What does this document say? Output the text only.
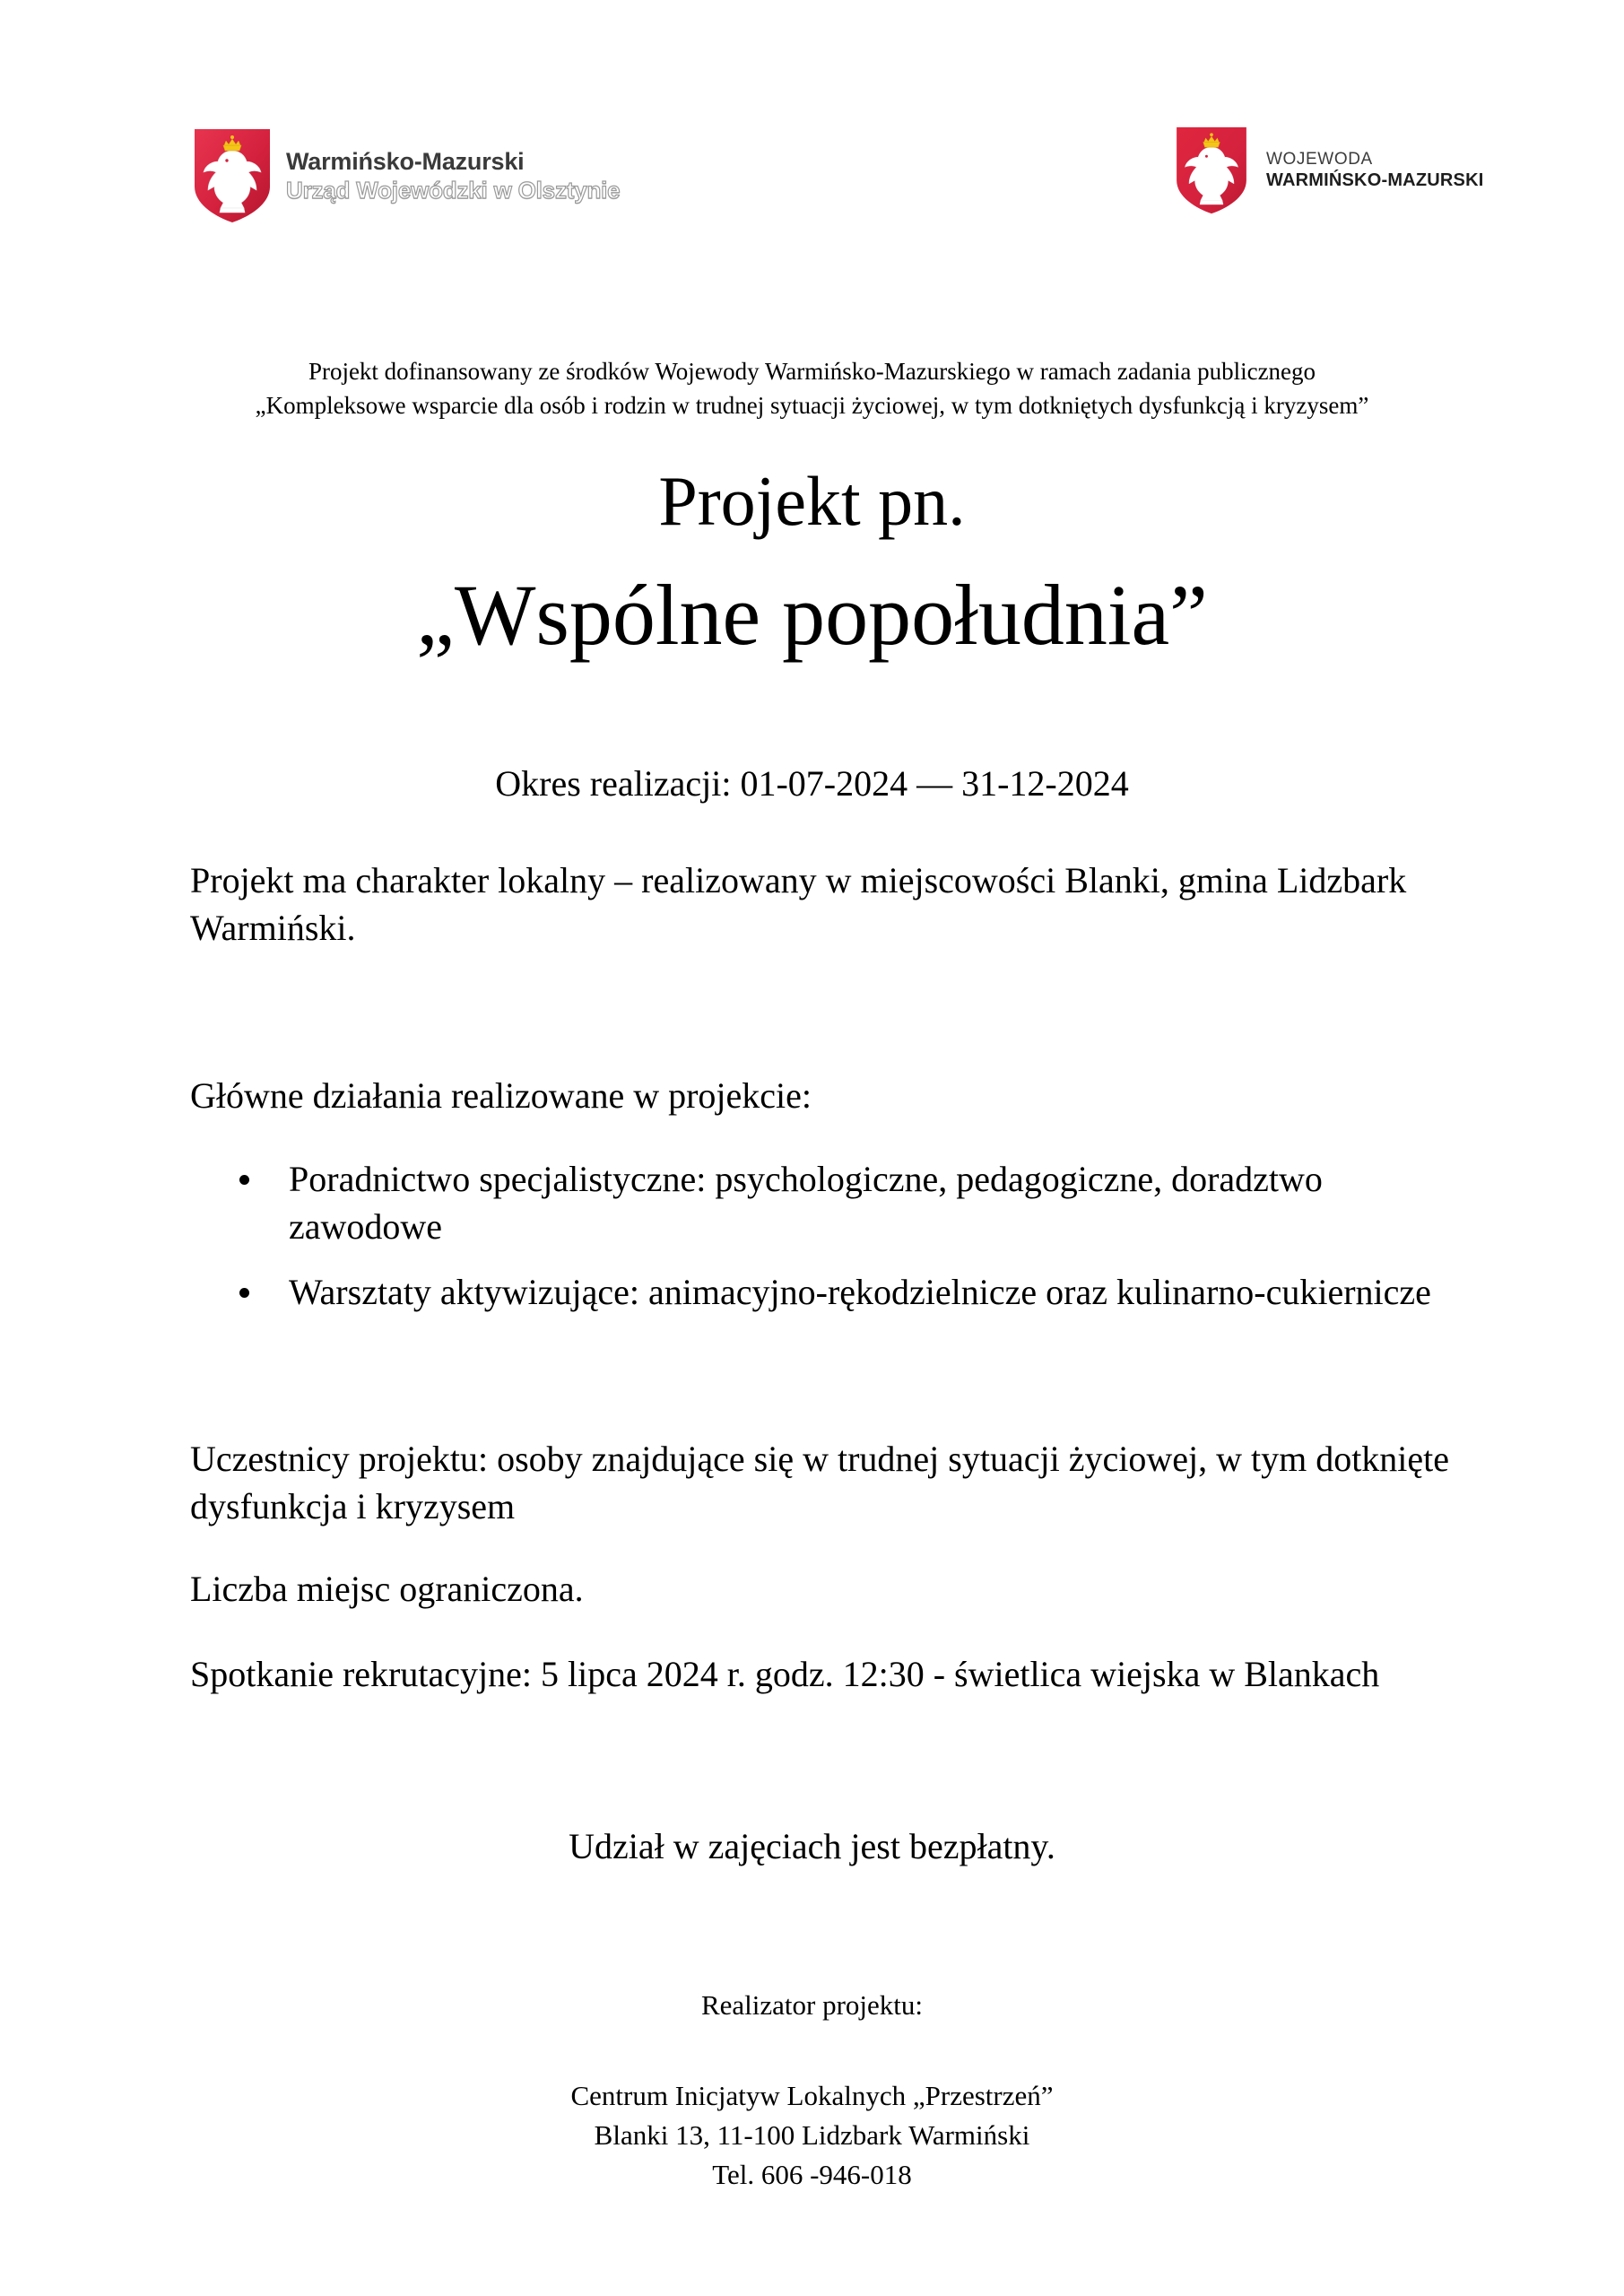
Warmińsko-Mazurski
Urząd Wojewódzki w Olsztynie
WOJEWODA
WARMIŃSKO-MAZURSKI
Projekt dofinansowany ze środków Wojewody Warmińsko-Mazurskiego w ramach zadania publicznego
„Kompleksowe wsparcie dla osób i rodzin w trudnej sytuacji życiowej, w tym dotkniętych dysfunkcją i kryzysem”
Projekt pn.
„Wspólne popołudnia”
Okres realizacji: 01-07-2024 — 31-12-2024
Projekt ma charakter lokalny – realizowany w miejscowości Blanki, gmina Lidzbark Warmiński.
Główne działania realizowane w projekcie:
Poradnictwo specjalistyczne: psychologiczne, pedagogiczne, doradztwo zawodowe
Warsztaty aktywizujące: animacyjno-rękodzielnicze oraz kulinarno-cukiernicze
Uczestnicy projektu: osoby znajdujące się w trudnej sytuacji życiowej, w tym dotknięte dysfunkcja i kryzysem
Liczba miejsc ograniczona.
Spotkanie rekrutacyjne: 5 lipca 2024 r. godz. 12:30 - świetlica wiejska w Blankach
Udział w zajęciach jest bezpłatny.
Realizator projektu:
Centrum Inicjatyw Lokalnych „Przestrzeń”
Blanki 13, 11-100 Lidzbark Warmiński
Tel. 606 -946-018
